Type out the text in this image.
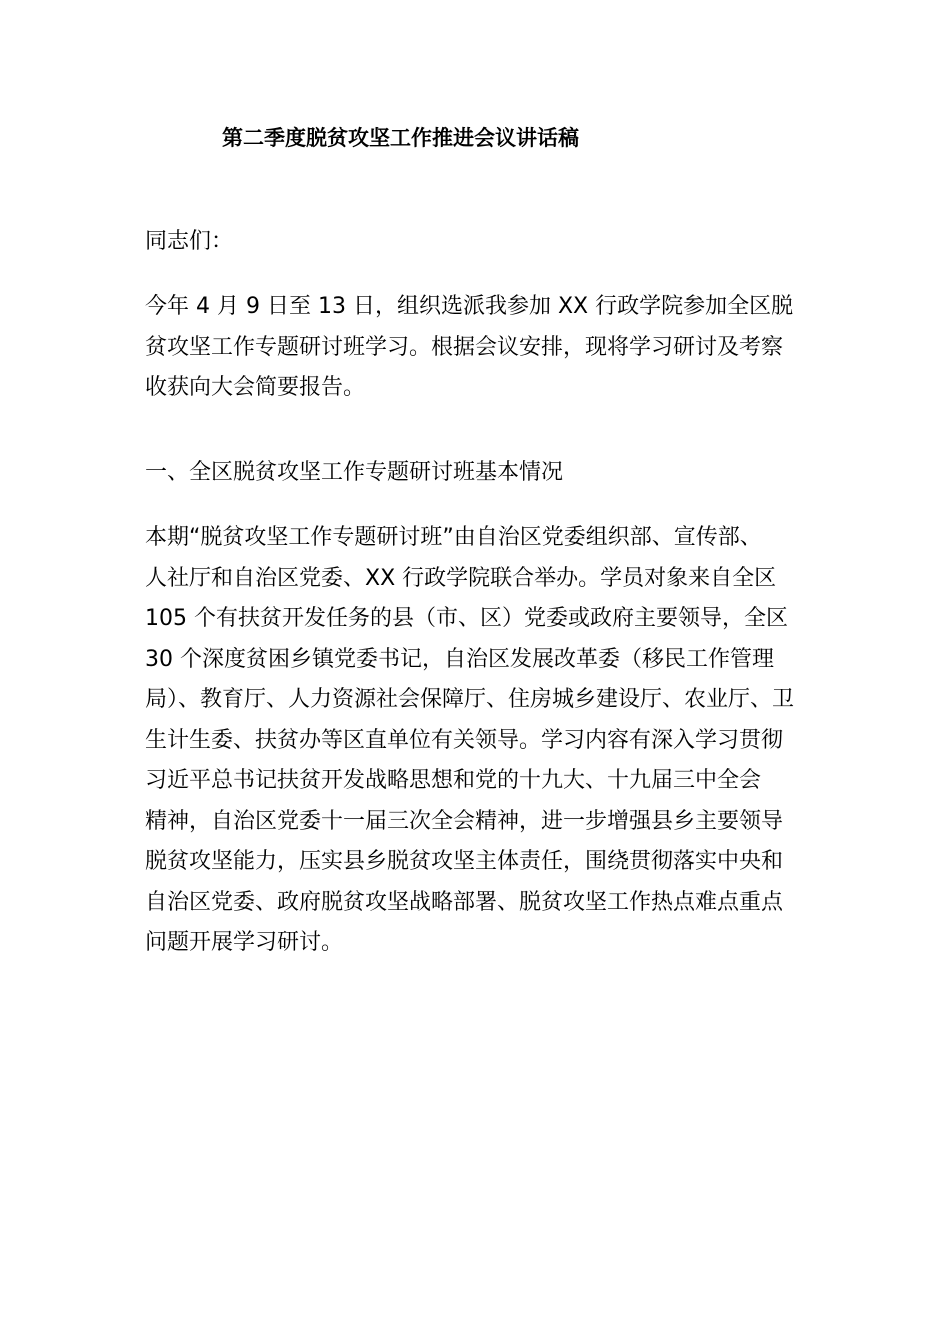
第二季度脱贫攻坚工作推进会议讲话稿

同志们：

今年 4 月 9 日至 13 日，组织选派我参加 XX 行政学院参加全区脱
贫攻坚工作专题研讨班学习。根据会议安排，现将学习研讨及考察
收获向大会简要报告。

一、全区脱贫攻坚工作专题研讨班基本情况

本期“脱贫攻坚工作专题研讨班”由自治区党委组织部、宣传部、
人社厅和自治区党委、XX 行政学院联合举办。学员对象来自全区
105 个有扶贫开发任务的县（市、区）党委或政府主要领导，全区
30 个深度贫困乡镇党委书记，自治区发展改革委（移民工作管理
局）、教育厅、人力资源社会保障厅、住房城乡建设厅、农业厅、卫
生计生委、扶贫办等区直单位有关领导。学习内容有深入学习贯彻
习近平总书记扶贫开发战略思想和党的十九大、十九届三中全会
精神，自治区党委十一届三次全会精神，进一步增强县乡主要领导
脱贫攻坚能力，压实县乡脱贫攻坚主体责任，围绕贯彻落实中央和
自治区党委、政府脱贫攻坚战略部署、脱贫攻坚工作热点难点重点
问题开展学习研讨。
